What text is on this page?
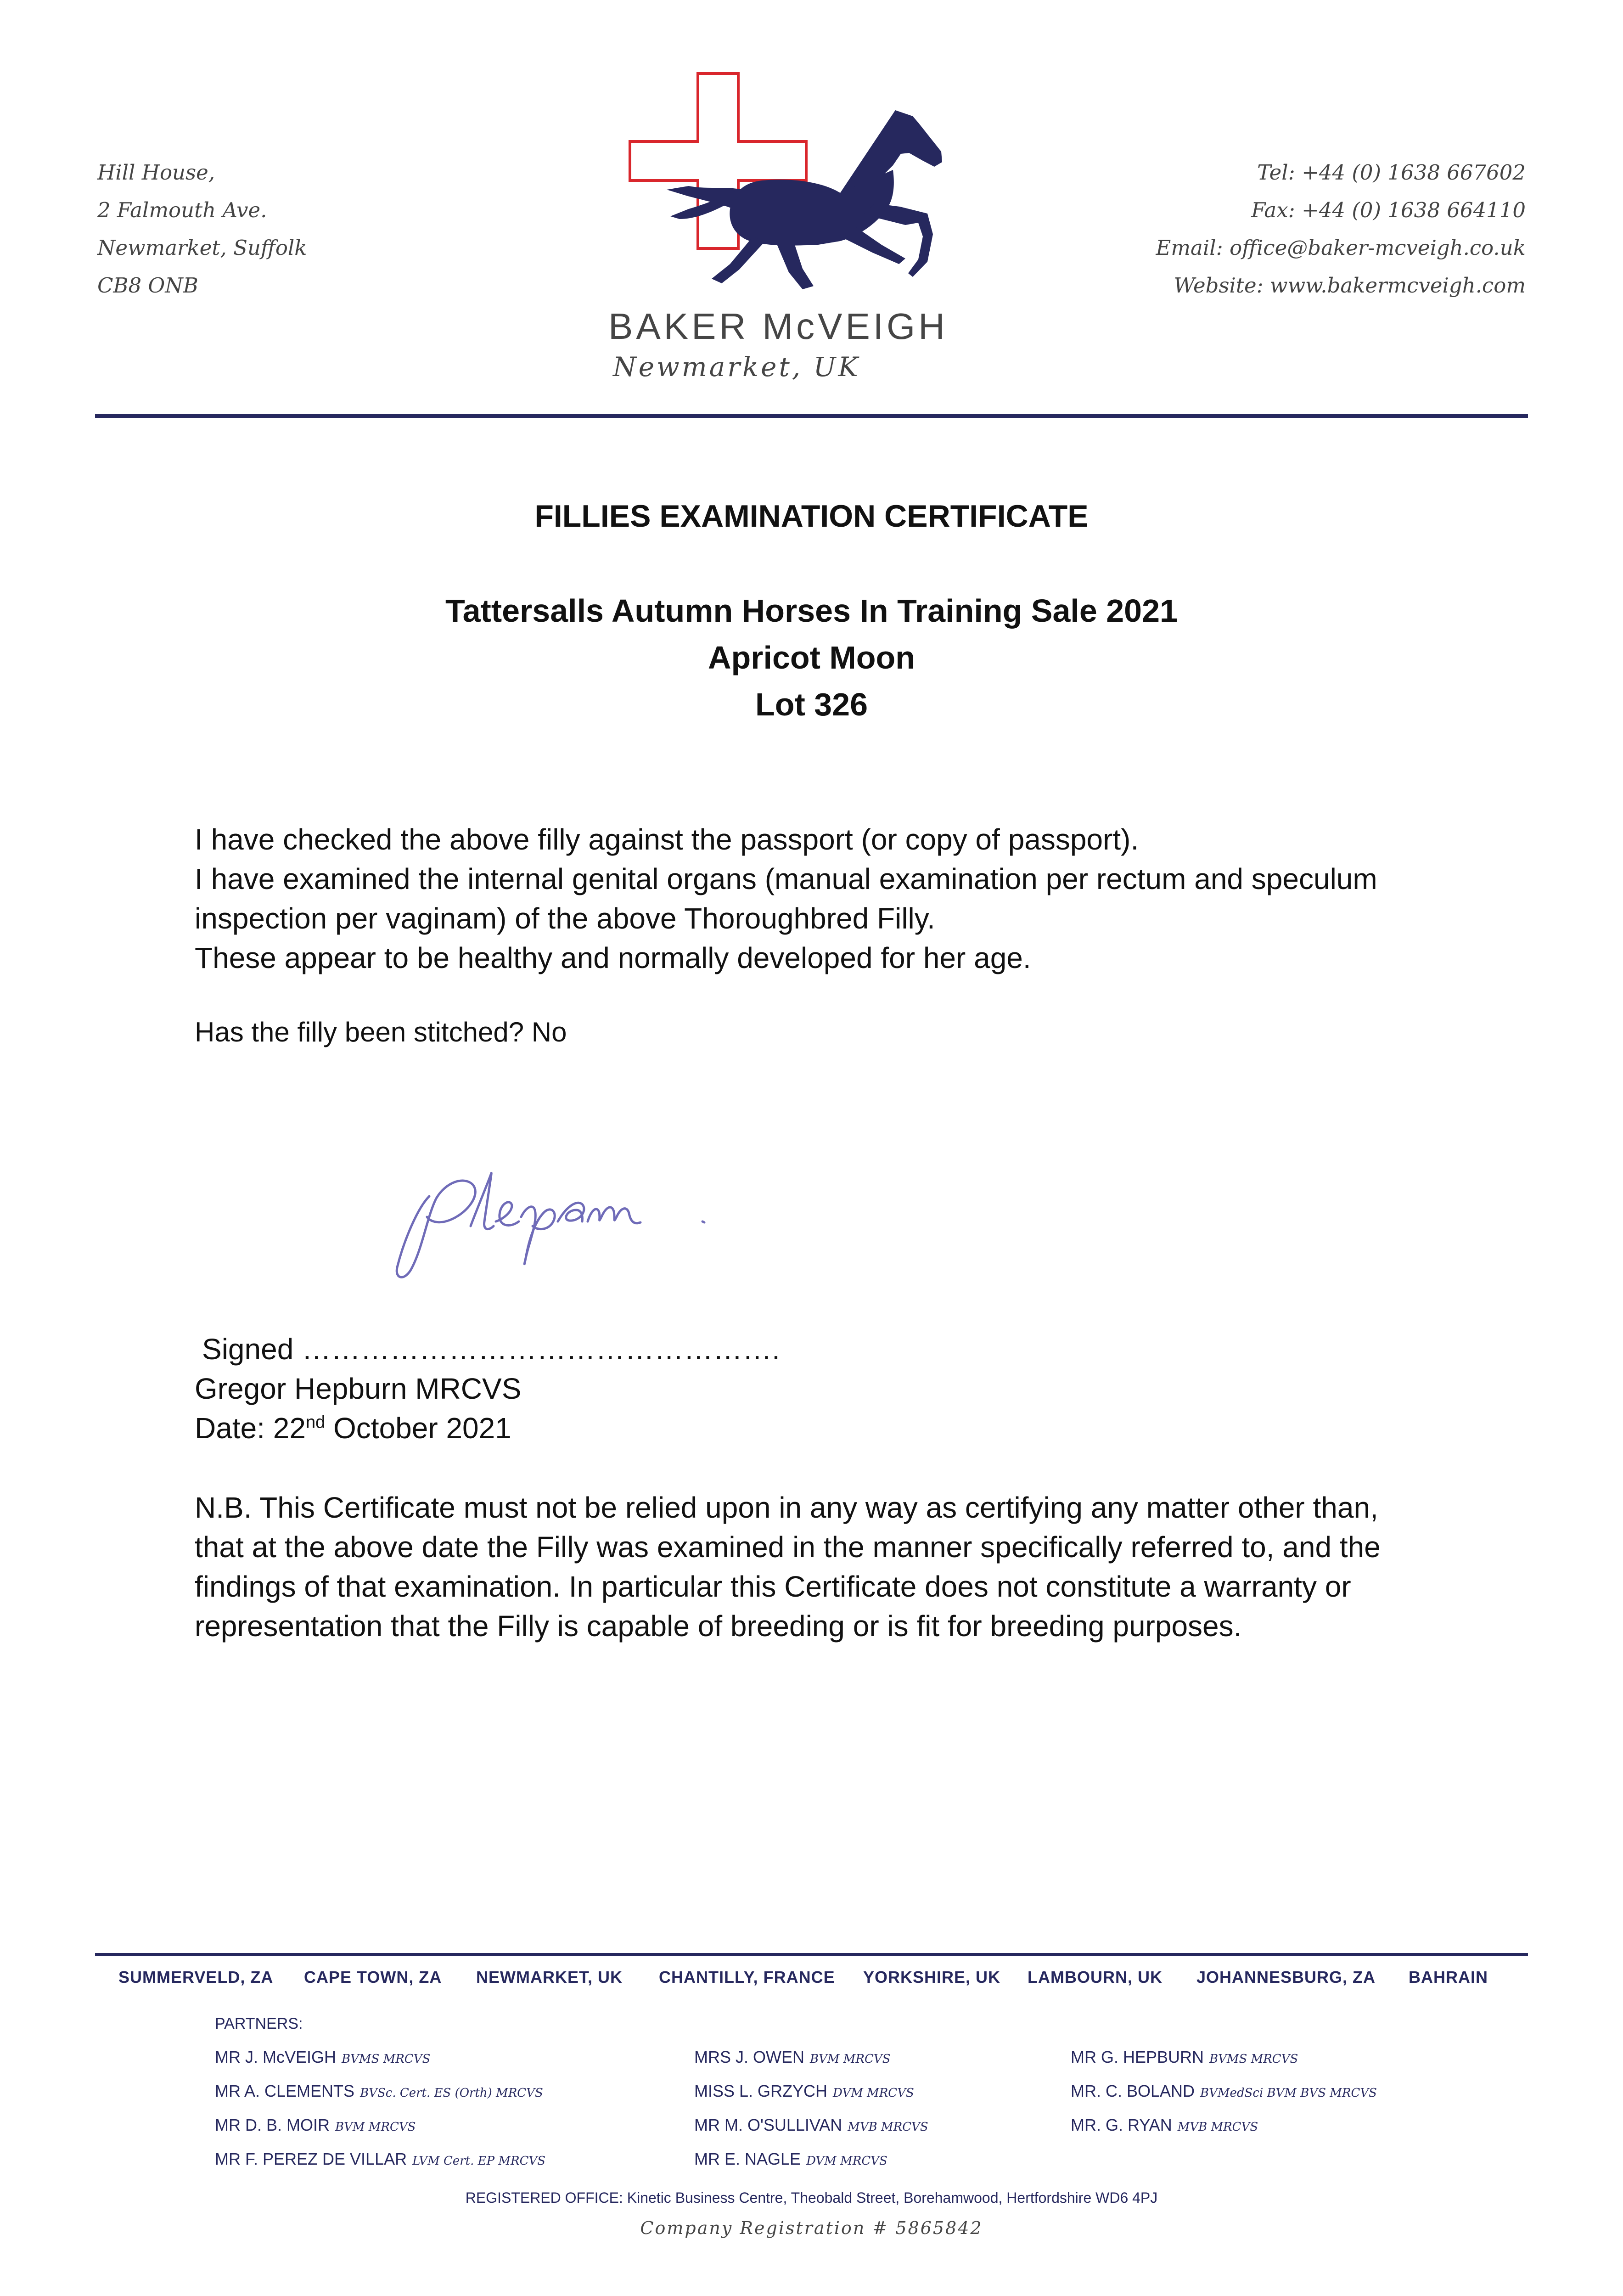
Hill House,
2 Falmouth Ave.
Newmarket, Suffolk
CB8 ONB
Tel: +44 (0) 1638 667602
Fax: +44 (0) 1638 664110
Email: office@baker-mcveigh.co.uk
Website: www.bakermcveigh.com
BAKER McVEIGH
Newmarket, UK
FILLIES EXAMINATION CERTIFICATE
Tattersalls Autumn Horses In Training Sale 2021
Apricot Moon
Lot 326
I have checked the above filly against the passport (or copy of passport).
I have examined the internal genital organs (manual examination per rectum and speculum
inspection per vaginam) of the above Thoroughbred Filly.
These appear to be healthy and normally developed for her age.
Has the filly been stitched? No
Signed ………………………………………….
Gregor Hepburn MRCVS
Date: 22nd October 2021
N.B. This Certificate must not be relied upon in any way as certifying any matter other than,
that at the above date the Filly was examined in the manner specifically referred to, and the
findings of that examination. In particular this Certificate does not constitute a warranty or
representation that the Filly is capable of breeding or is fit for breeding purposes.
SUMMERVELD, ZA CAPE TOWN, ZA NEWMARKET, UK CHANTILLY, FRANCE YORKSHIRE, UK LAMBOURN, UK JOHANNESBURG, ZA BAHRAIN
PARTNERS:
MR J. McVEIGH BVMS MRCVS
MR A. CLEMENTS BVSc. Cert. ES (Orth) MRCVS
MR D. B. MOIR BVM MRCVS
MR F. PEREZ DE VILLAR LVM Cert. EP MRCVS
MRS J. OWEN BVM MRCVS
MISS L. GRZYCH DVM MRCVS
MR M. O'SULLIVAN MVB MRCVS
MR E. NAGLE DVM MRCVS
MR G. HEPBURN BVMS MRCVS
MR. C. BOLAND BVMedSci BVM BVS MRCVS
MR. G. RYAN MVB MRCVS
REGISTERED OFFICE: Kinetic Business Centre, Theobald Street, Borehamwood, Hertfordshire WD6 4PJ
Company Registration # 5865842
